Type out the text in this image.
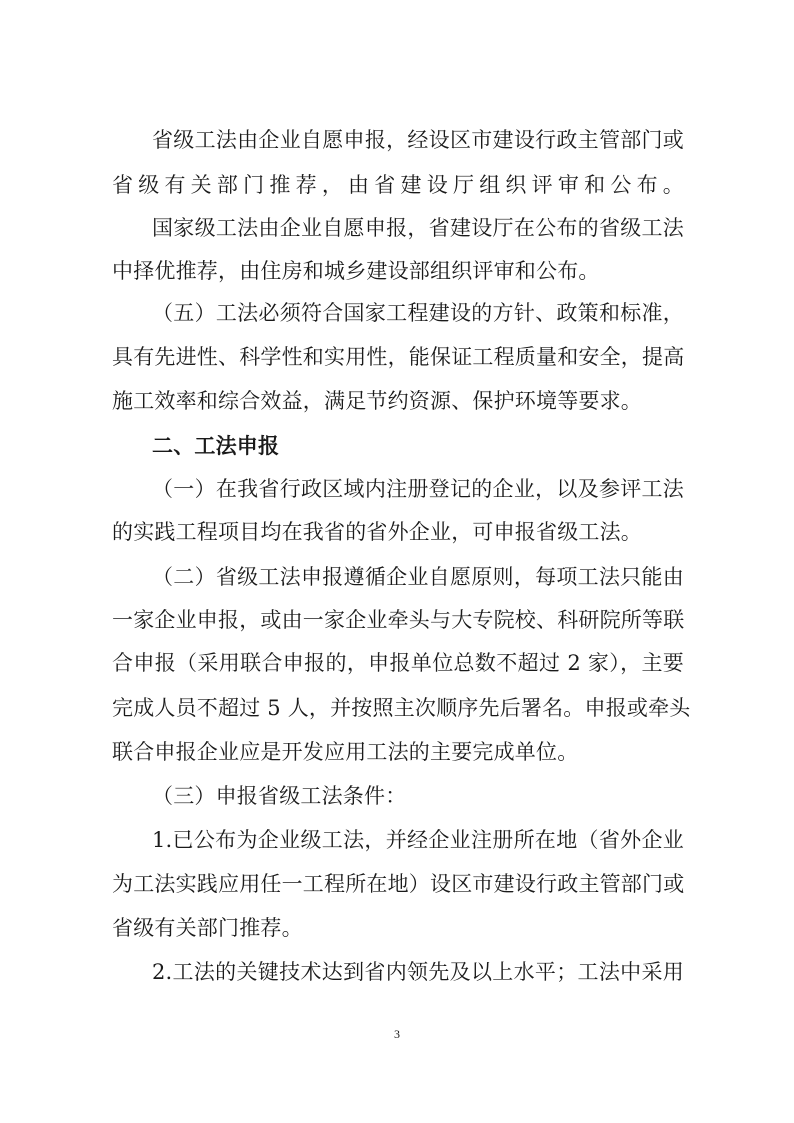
省级工法由企业自愿申报，经设区市建设行政主管部门或
省级有关部门推荐，由省建设厅组织评审和公布。
国家级工法由企业自愿申报，省建设厅在公布的省级工法
中择优推荐，由住房和城乡建设部组织评审和公布。
（五）工法必须符合国家工程建设的方针、政策和标准，
具有先进性、科学性和实用性，能保证工程质量和安全，提高
施工效率和综合效益，满足节约资源、保护环境等要求。
二、工法申报
（一）在我省行政区域内注册登记的企业，以及参评工法
的实践工程项目均在我省的省外企业，可申报省级工法。
（二）省级工法申报遵循企业自愿原则，每项工法只能由
一家企业申报，或由一家企业牵头与大专院校、科研院所等联
合申报（采用联合申报的，申报单位总数不超过 2 家），主要
完成人员不超过 5 人，并按照主次顺序先后署名。申报或牵头
联合申报企业应是开发应用工法的主要完成单位。
（三）申报省级工法条件：
1.已公布为企业级工法，并经企业注册所在地（省外企业
为工法实践应用任一工程所在地）设区市建设行政主管部门或
省级有关部门推荐。
2.工法的关键技术达到省内领先及以上水平；工法中采用
3
